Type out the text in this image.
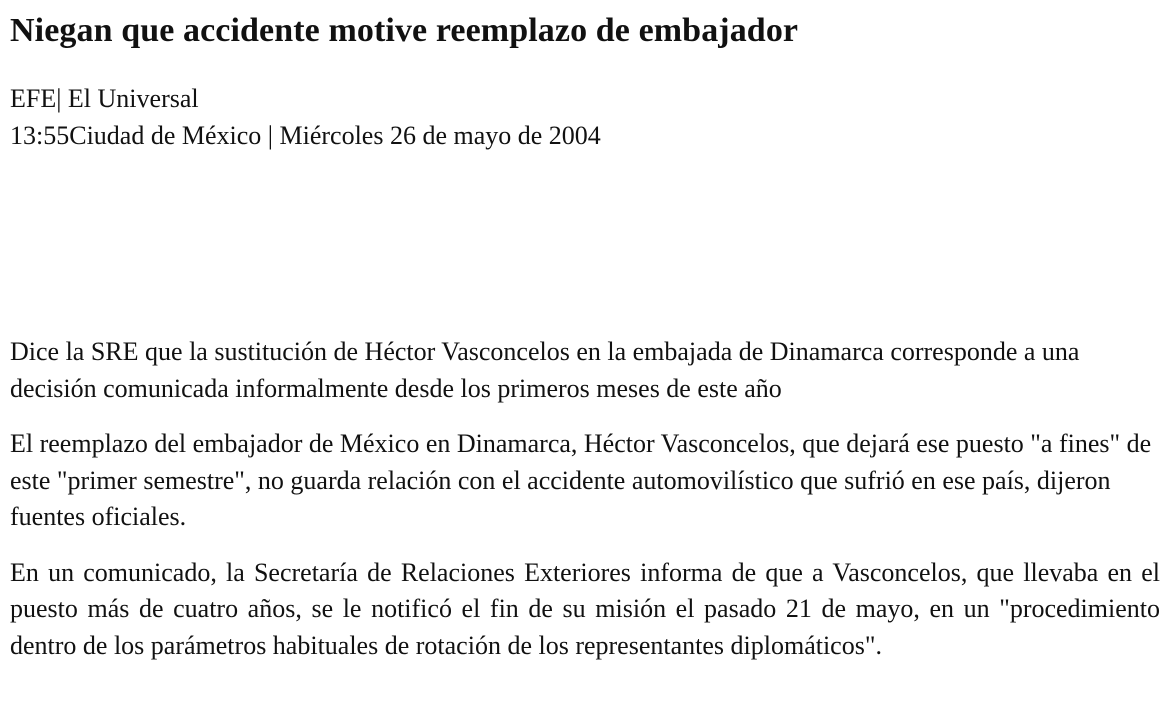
Niegan que accidente motive reemplazo de embajador
EFE| El Universal
13:55Ciudad de México | Miércoles 26 de mayo de 2004

Dice la SRE que la sustitución de Héctor Vasconcelos en la embajada de Dinamarca corresponde a una decisión comunicada informalmente desde los primeros meses de este año

El reemplazo del embajador de México en Dinamarca, Héctor Vasconcelos, que dejará ese puesto "a fines" de este "primer semestre", no guarda relación con el accidente automovilístico que sufrió en ese país, dijeron fuentes oficiales.

En un comunicado, la Secretaría de Relaciones Exteriores informa de que a Vasconcelos, que llevaba en el puesto más de cuatro años, se le notificó el fin de su misión el pasado 21 de mayo, en un "procedimiento dentro de los parámetros habituales de rotación de los representantes diplomáticos".
